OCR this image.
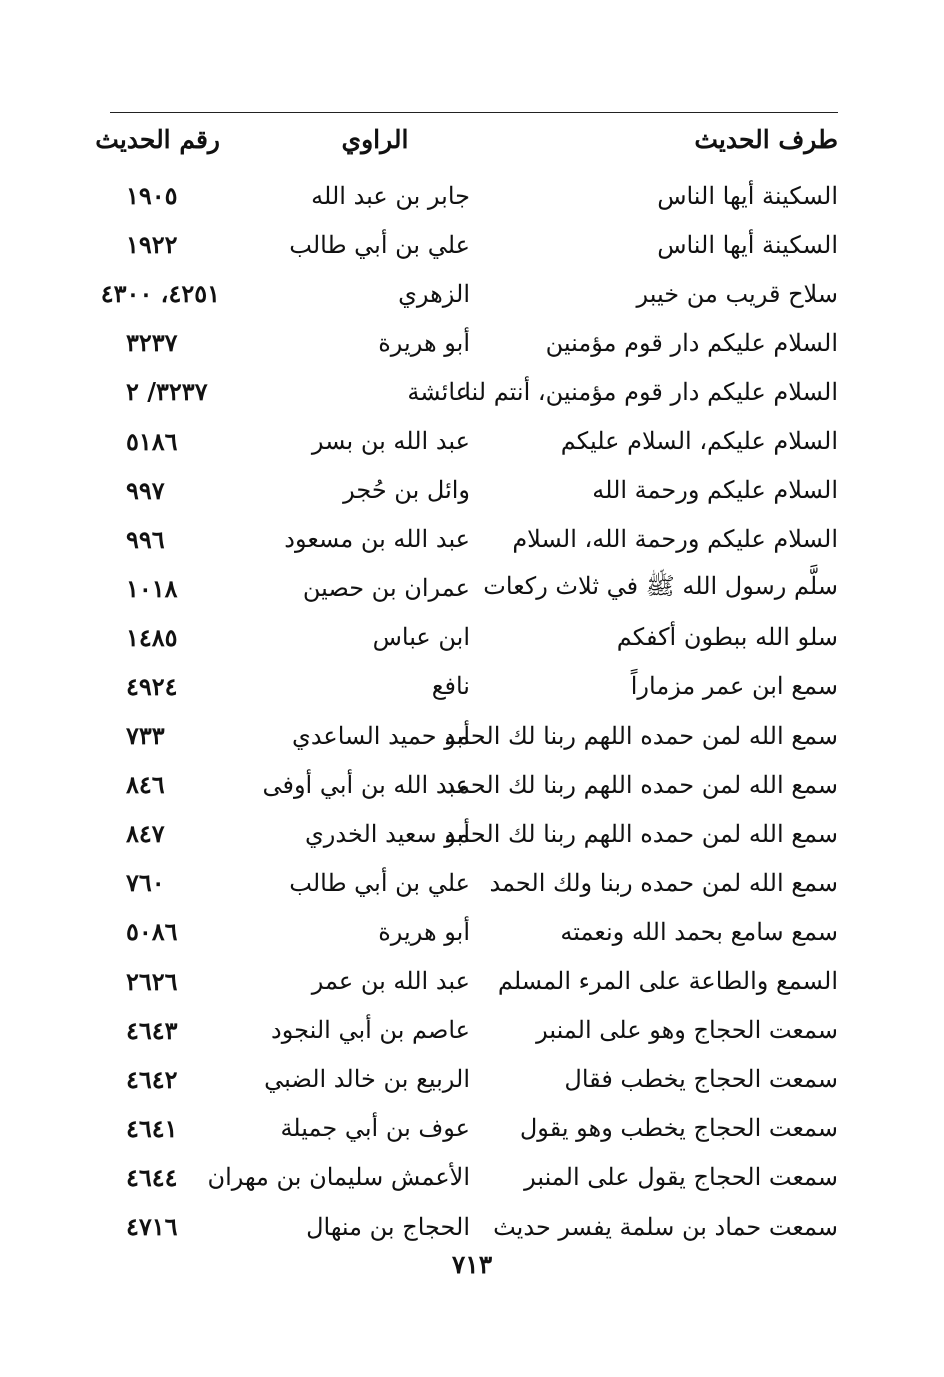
طرف الحديث
الراوي
رقم الحديث
السكينة أيها الناس
جابر بن عبد الله
١٩٠٥
السكينة أيها الناس
علي بن أبي طالب
١٩٢٢
سلاح قريب من خيبر
الزهري
٤٢٥١، ٤٣٠٠
السلام عليكم دار قوم مؤمنين
أبو هريرة
٣٢٣٧
السلام عليكم دار قوم مؤمنين، أنتم لنا
عائشة
٣٢٣٧/ ٢
السلام عليكم، السلام عليكم
عبد الله بن بسر
٥١٨٦
السلام عليكم ورحمة الله
وائل بن حُجر
٩٩٧
السلام عليكم ورحمة الله، السلام
عبد الله بن مسعود
٩٩٦
سلَّم رسول الله ﷺ في ثلاث ركعات
عمران بن حصين
١٠١٨
سلو الله ببطون أكفكم
ابن عباس
١٤٨٥
سمع ابن عمر مزماراً
نافع
٤٩٢٤
سمع الله لمن حمده اللهم ربنا لك الحمد
أبو حميد الساعدي
٧٣٣
سمع الله لمن حمده اللهم ربنا لك الحمد
عبد الله بن أبي أوفى
٨٤٦
سمع الله لمن حمده اللهم ربنا لك الحمد
أبو سعيد الخدري
٨٤٧
سمع الله لمن حمده ربنا ولك الحمد
علي بن أبي طالب
٧٦٠
سمع سامع بحمد الله ونعمته
أبو هريرة
٥٠٨٦
السمع والطاعة على المرء المسلم
عبد الله بن عمر
٢٦٢٦
سمعت الحجاج وهو على المنبر
عاصم بن أبي النجود
٤٦٤٣
سمعت الحجاج يخطب فقال
الربيع بن خالد الضبي
٤٦٤٢
سمعت الحجاج يخطب وهو يقول
عوف بن أبي جميلة
٤٦٤١
سمعت الحجاج يقول على المنبر
الأعمش سليمان بن مهران
٤٦٤٤
سمعت حماد بن سلمة يفسر حديث
الحجاج بن منهال
٤٧١٦
٧١٣
